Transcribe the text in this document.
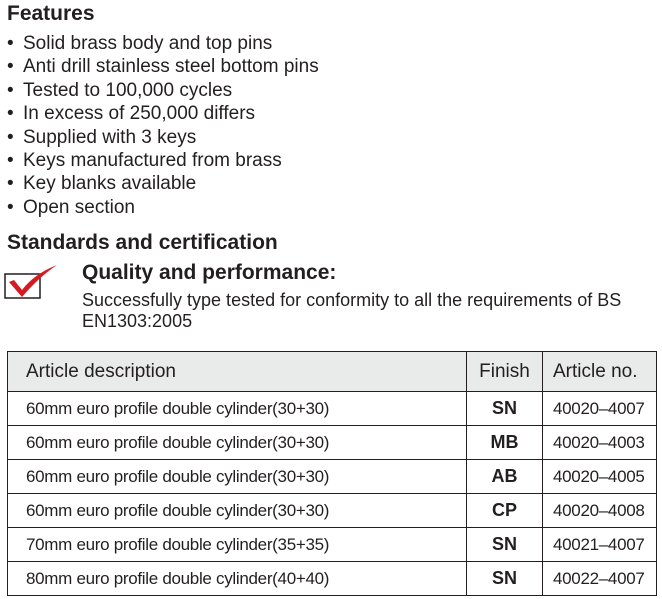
Features
• Solid brass body and top pins
• Anti drill stainless steel bottom pins
• Tested to 100,000 cycles
• In excess of 250,000 differs
• Supplied with 3 keys
• Keys manufactured from brass
• Key blanks available
• Open section
Standards and certification
Quality and performance:

Successfully type tested for conformity to all the requirements of BS EN1303:2005

Article description	Finish	Article no.
60mm euro profile double cylinder(30+30)	SN	40020–4007
60mm euro profile double cylinder(30+30)	MB	40020–4003
60mm euro profile double cylinder(30+30)	AB	40020–4005
60mm euro profile double cylinder(30+30)	CP	40020–4008
70mm euro profile double cylinder(35+35)	SN	40021–4007
80mm euro profile double cylinder(40+40)	SN	40022–4007
